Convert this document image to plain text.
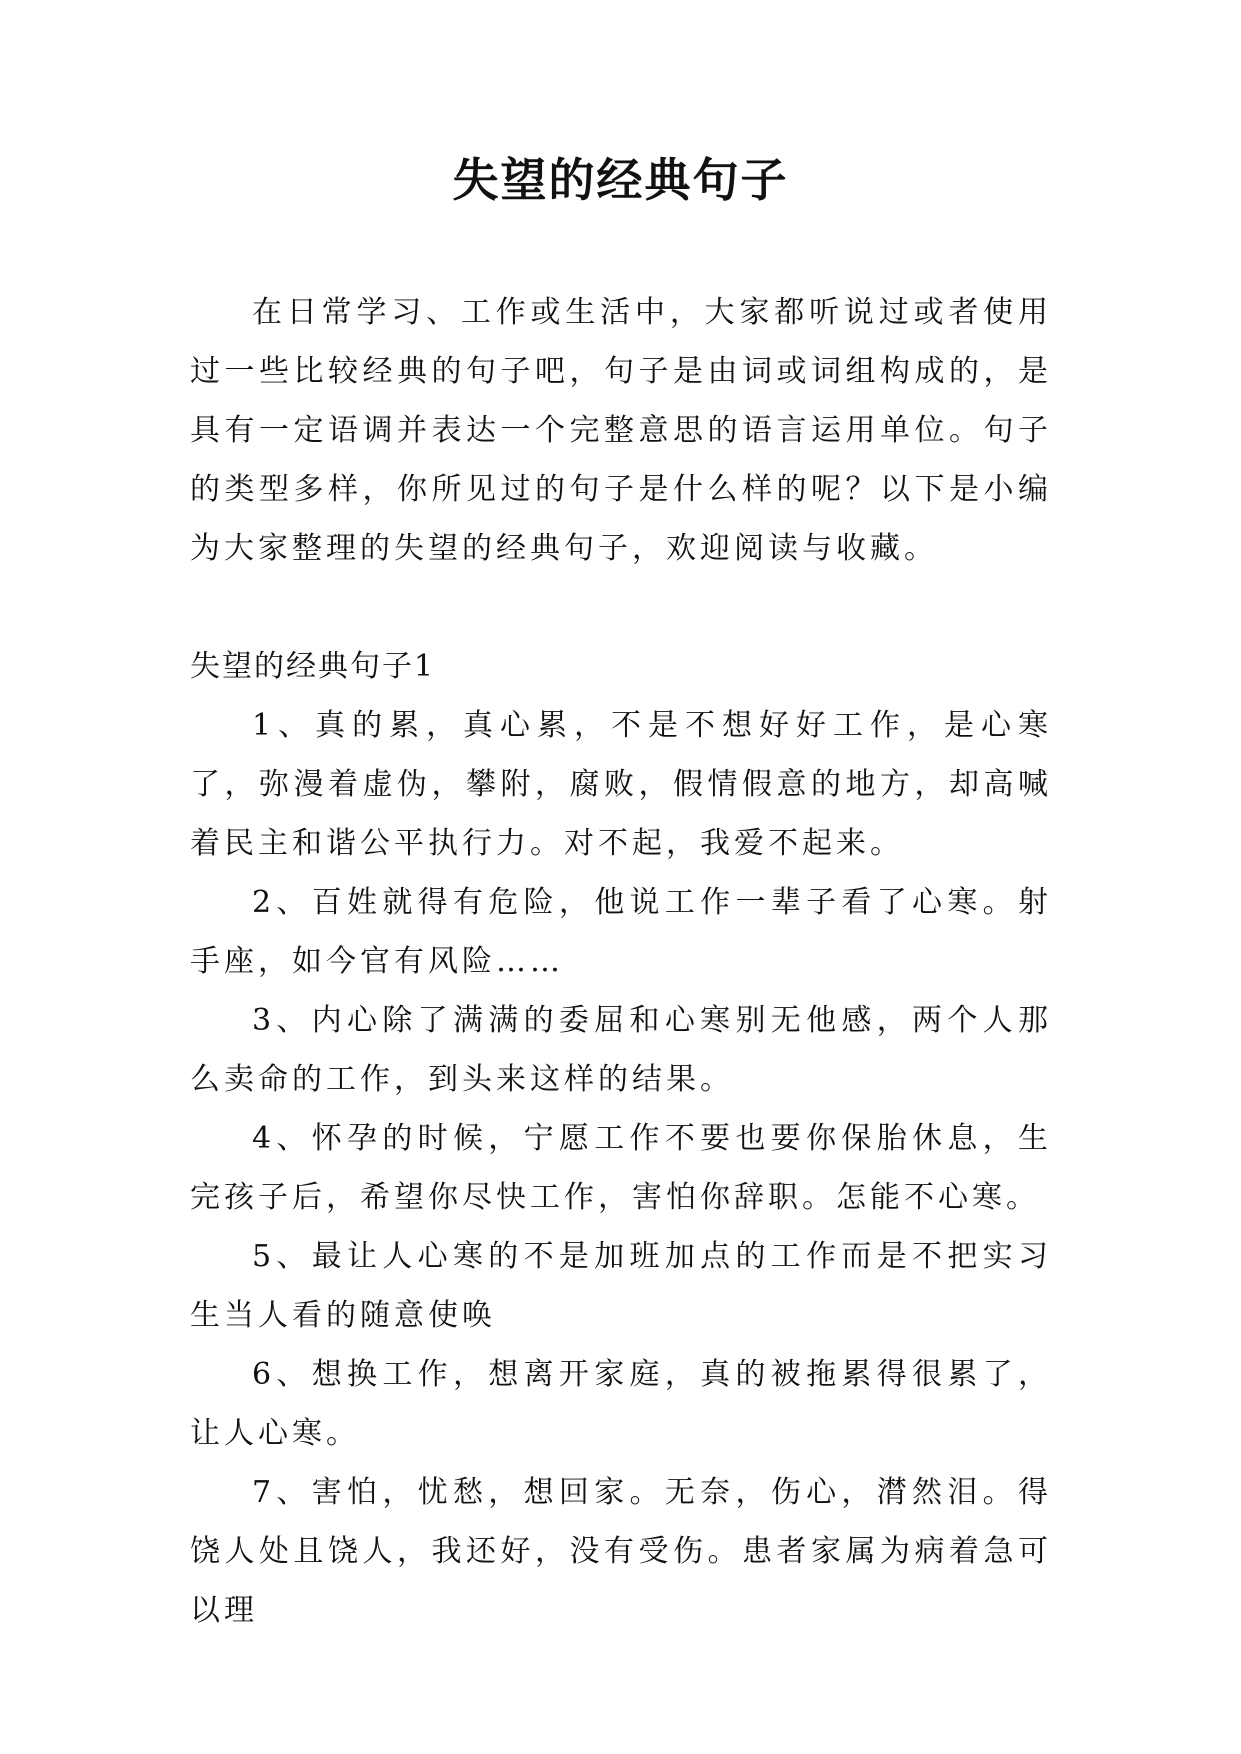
失望的经典句子

在日常学习、工作或生活中，大家都听说过或者使用过一些比较经典的句子吧，句子是由词或词组构成的，是具有一定语调并表达一个完整意思的语言运用单位。句子的类型多样，你所见过的句子是什么样的呢？以下是小编为大家整理的失望的经典句子，欢迎阅读与收藏。

失望的经典句子1

1、真的累，真心累，不是不想好好工作，是心寒了，弥漫着虚伪，攀附，腐败，假情假意的地方，却高喊着民主和谐公平执行力。对不起，我爱不起来。

2、百姓就得有危险，他说工作一辈子看了心寒。射手座，如今官有风险……

3、内心除了满满的委屈和心寒别无他感，两个人那么卖命的工作，到头来这样的结果。

4、怀孕的时候，宁愿工作不要也要你保胎休息，生完孩子后，希望你尽快工作，害怕你辞职。怎能不心寒。

5、最让人心寒的不是加班加点的工作而是不把实习生当人看的随意使唤

6、想换工作，想离开家庭，真的被拖累得很累了，让人心寒。

7、害怕，忧愁，想回家。无奈，伤心，潸然泪。得饶人处且饶人，我还好，没有受伤。患者家属为病着急可以理
